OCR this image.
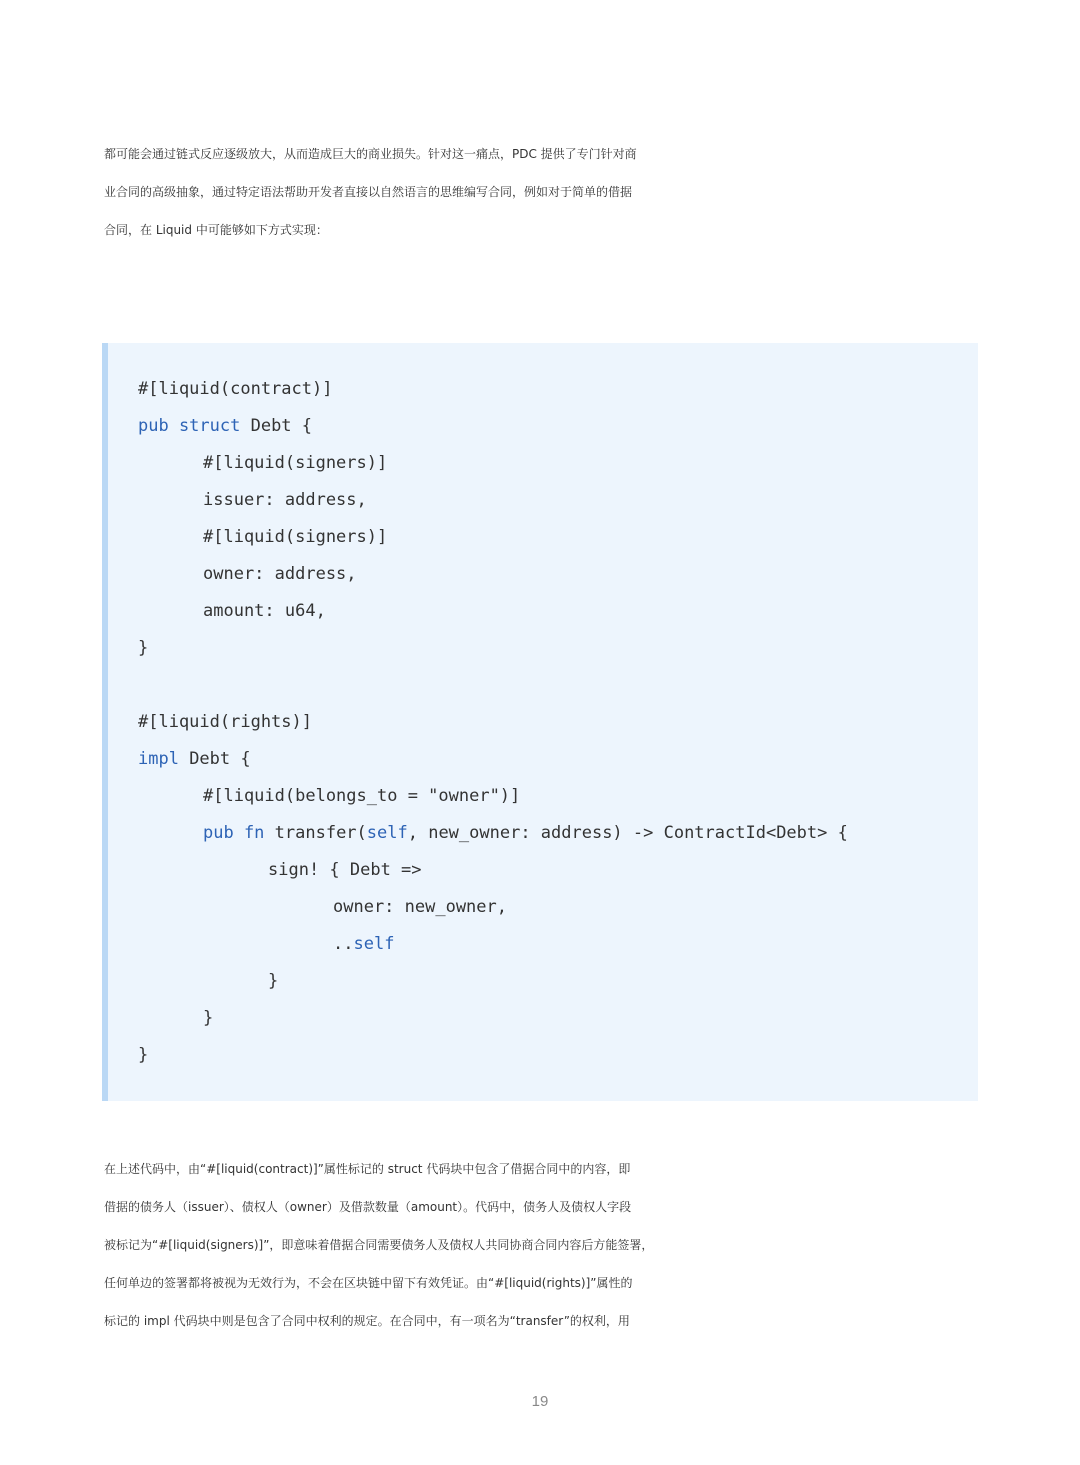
都可能会通过链式反应逐级放大，从而造成巨大的商业损失。针对这一痛点，PDC 提供了专门针对商
业合同的高级抽象，通过特定语法帮助开发者直接以自然语言的思维编写合同，例如对于简单的借据
合同，在 Liquid 中可能够如下方式实现：

#[liquid(contract)]
pub struct Debt {
#[liquid(signers)]
issuer: address,
#[liquid(signers)]
owner: address,
amount: u64,
}
#[liquid(rights)]
impl Debt {
#[liquid(belongs_to = "owner")]
pub fn transfer(self, new_owner: address) -> ContractId<Debt> {
sign! { Debt =>
owner: new_owner,
..self
}
}
}

在上述代码中，由“#[liquid(contract)]”属性标记的 struct 代码块中包含了借据合同中的内容，即
借据的债务人（issuer）、债权人（owner）及借款数量（amount）。代码中，债务人及债权人字段
被标记为“#[liquid(signers)]”，即意味着借据合同需要债务人及债权人共同协商合同内容后方能签署，
任何单边的签署都将被视为无效行为，不会在区块链中留下有效凭证。由“#[liquid(rights)]”属性的
标记的 impl 代码块中则是包含了合同中权利的规定。在合同中，有一项名为“transfer”的权利，用

19
